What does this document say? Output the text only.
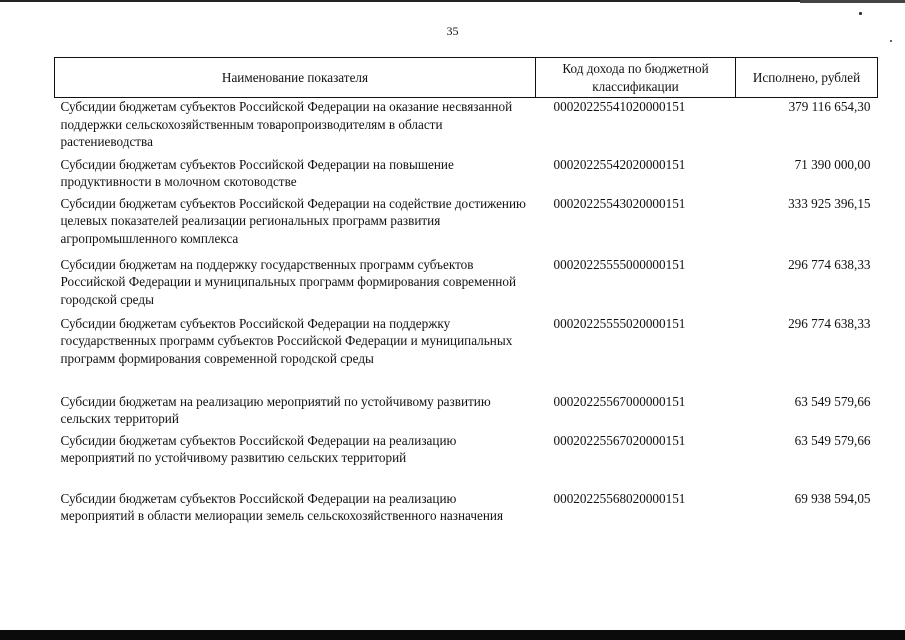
35
Наименование показателя	Код дохода по бюджетной классификации	Исполнено, рублей
Субсидии бюджетам субъектов Российской Федерации на оказание несвязанной поддержки сельскохозяйственным товаропроизводителям в области растениеводства	00020225541020000151	379 116 654,30
Субсидии бюджетам субъектов Российской Федерации на повышение продуктивности в молочном скотоводстве	00020225542020000151	71 390 000,00
Субсидии бюджетам субъектов Российской Федерации на содействие достижению целевых показателей реализации региональных программ развития агропромышленного комплекса	00020225543020000151	333 925 396,15
Субсидии бюджетам на поддержку государственных программ субъектов Российской Федерации и муниципальных программ формирования современной городской среды	00020225555000000151	296 774 638,33
Субсидии бюджетам субъектов Российской Федерации на поддержку государственных программ субъектов Российской Федерации и муниципальных программ формирования современной городской среды	00020225555020000151	296 774 638,33
Субсидии бюджетам на реализацию мероприятий по устойчивому развитию сельских территорий	00020225567000000151	63 549 579,66
Субсидии бюджетам субъектов Российской Федерации на реализацию мероприятий по устойчивому развитию сельских территорий	00020225567020000151	63 549 579,66
Субсидии бюджетам субъектов Российской Федерации на реализацию мероприятий в области мелиорации земель сельскохозяйственного назначения	00020225568020000151	69 938 594,05
